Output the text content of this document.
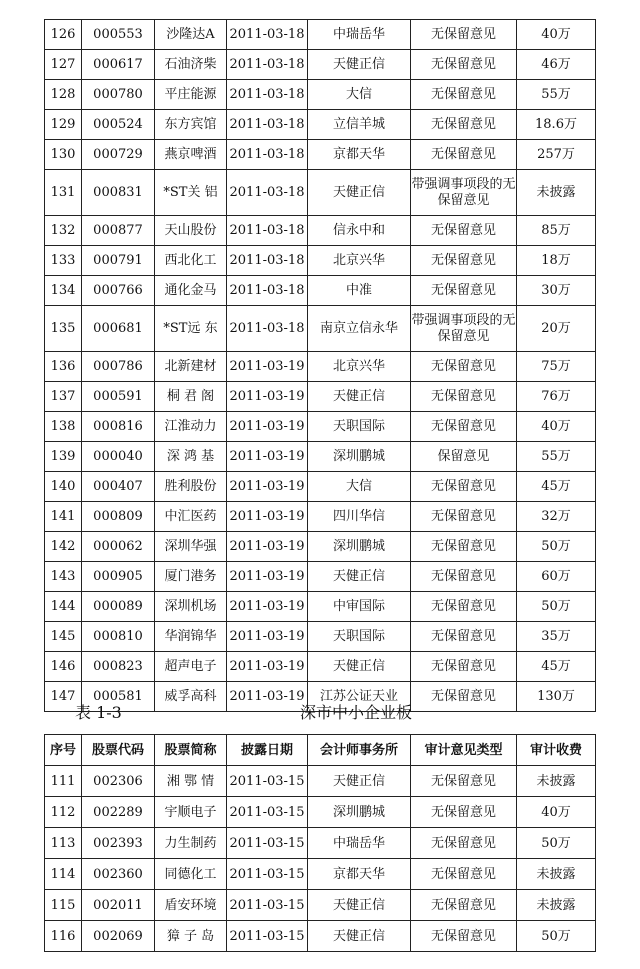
126	000553	沙隆达A	2011-03-18	中瑞岳华	无保留意见	40万
127	000617	石油济柴	2011-03-18	天健正信	无保留意见	46万
128	000780	平庄能源	2011-03-18	大信	无保留意见	55万
129	000524	东方宾馆	2011-03-18	立信羊城	无保留意见	18.6万
130	000729	燕京啤酒	2011-03-18	京都天华	无保留意见	257万
131	000831	*ST关 铝	2011-03-18	天健正信	带强调事项段的无保留意见	未披露
132	000877	天山股份	2011-03-18	信永中和	无保留意见	85万
133	000791	西北化工	2011-03-18	北京兴华	无保留意见	18万
134	000766	通化金马	2011-03-18	中准	无保留意见	30万
135	000681	*ST远 东	2011-03-18	南京立信永华	带强调事项段的无保留意见	20万
136	000786	北新建材	2011-03-19	北京兴华	无保留意见	75万
137	000591	桐 君 阁	2011-03-19	天健正信	无保留意见	76万
138	000816	江淮动力	2011-03-19	天职国际	无保留意见	40万
139	000040	深 鸿 基	2011-03-19	深圳鹏城	保留意见	55万
140	000407	胜利股份	2011-03-19	大信	无保留意见	45万
141	000809	中汇医药	2011-03-19	四川华信	无保留意见	32万
142	000062	深圳华强	2011-03-19	深圳鹏城	无保留意见	50万
143	000905	厦门港务	2011-03-19	天健正信	无保留意见	60万
144	000089	深圳机场	2011-03-19	中审国际	无保留意见	50万
145	000810	华润锦华	2011-03-19	天职国际	无保留意见	35万
146	000823	超声电子	2011-03-19	天健正信	无保留意见	45万
147	000581	威孚高科	2011-03-19	江苏公证天业	无保留意见	130万
表 1-3	深市中小企业板
序号	股票代码	股票简称	披露日期	会计师事务所	审计意见类型	审计收费
111	002306	湘 鄂 情	2011-03-15	天健正信	无保留意见	未披露
112	002289	宇顺电子	2011-03-15	深圳鹏城	无保留意见	40万
113	002393	力生制药	2011-03-15	中瑞岳华	无保留意见	50万
114	002360	同德化工	2011-03-15	京都天华	无保留意见	未披露
115	002011	盾安环境	2011-03-15	天健正信	无保留意见	未披露
116	002069	獐 子 岛	2011-03-15	天健正信	无保留意见	50万
